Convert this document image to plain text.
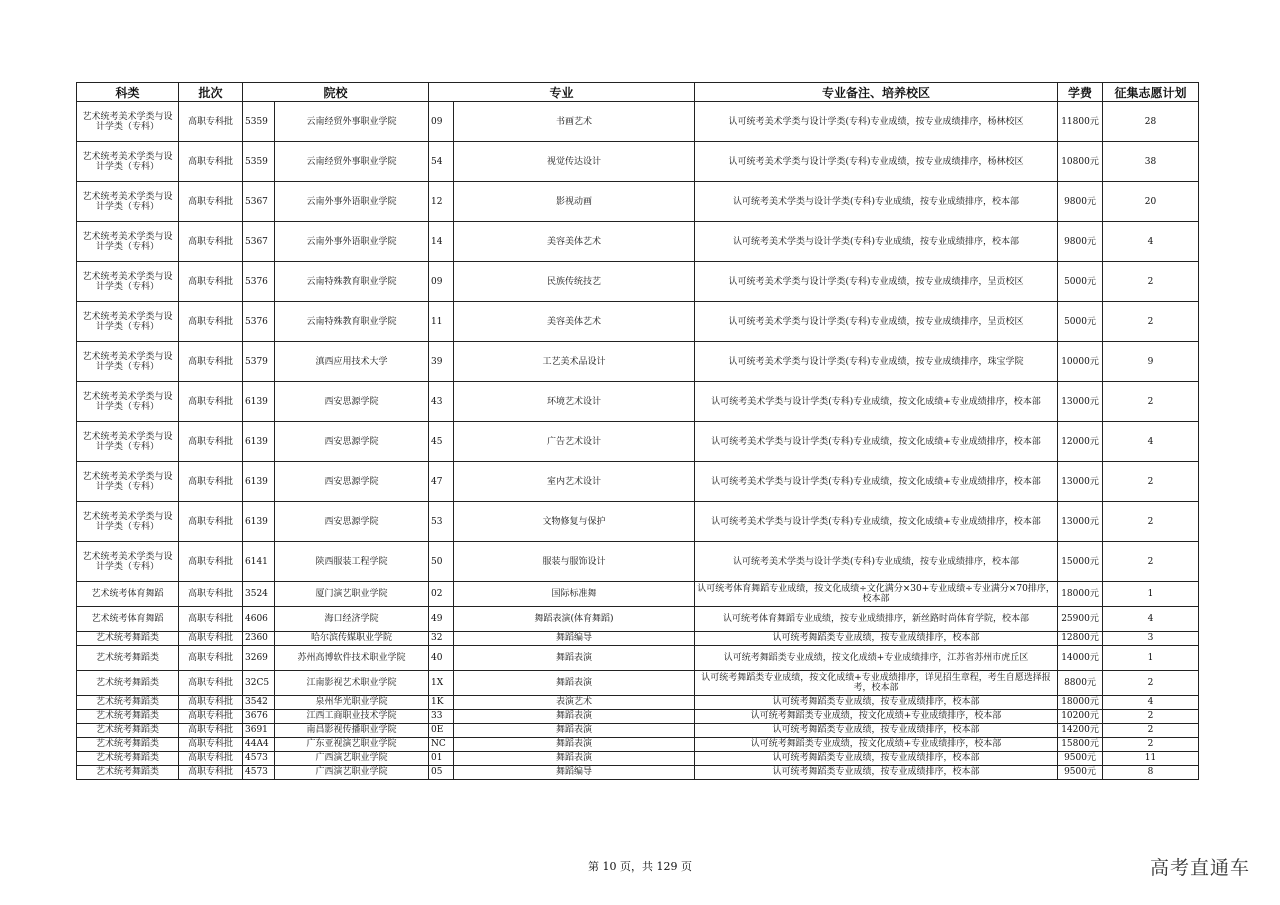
科类	批次	院校		专业		专业备注、培养校区	学费	征集志愿计划
艺术统考美术学类与设计学类（专科）	高职专科批	5359	云南经贸外事职业学院	09	书画艺术	认可统考美术学类与设计学类(专科)专业成绩，按专业成绩排序，杨林校区	11800元	28
艺术统考美术学类与设计学类（专科）	高职专科批	5359	云南经贸外事职业学院	54	视觉传达设计	认可统考美术学类与设计学类(专科)专业成绩，按专业成绩排序，杨林校区	10800元	38
艺术统考美术学类与设计学类（专科）	高职专科批	5367	云南外事外语职业学院	12	影视动画	认可统考美术学类与设计学类(专科)专业成绩，按专业成绩排序，校本部	9800元	20
艺术统考美术学类与设计学类（专科）	高职专科批	5367	云南外事外语职业学院	14	美容美体艺术	认可统考美术学类与设计学类(专科)专业成绩，按专业成绩排序，校本部	9800元	4
艺术统考美术学类与设计学类（专科）	高职专科批	5376	云南特殊教育职业学院	09	民族传统技艺	认可统考美术学类与设计学类(专科)专业成绩，按专业成绩排序，呈贡校区	5000元	2
艺术统考美术学类与设计学类（专科）	高职专科批	5376	云南特殊教育职业学院	11	美容美体艺术	认可统考美术学类与设计学类(专科)专业成绩，按专业成绩排序，呈贡校区	5000元	2
艺术统考美术学类与设计学类（专科）	高职专科批	5379	滇西应用技术大学	39	工艺美术品设计	认可统考美术学类与设计学类(专科)专业成绩，按专业成绩排序，珠宝学院	10000元	9
艺术统考美术学类与设计学类（专科）	高职专科批	6139	西安思源学院	43	环境艺术设计	认可统考美术学类与设计学类(专科)专业成绩，按文化成绩+专业成绩排序，校本部	13000元	2
艺术统考美术学类与设计学类（专科）	高职专科批	6139	西安思源学院	45	广告艺术设计	认可统考美术学类与设计学类(专科)专业成绩，按文化成绩+专业成绩排序，校本部	12000元	4
艺术统考美术学类与设计学类（专科）	高职专科批	6139	西安思源学院	47	室内艺术设计	认可统考美术学类与设计学类(专科)专业成绩，按文化成绩+专业成绩排序，校本部	13000元	2
艺术统考美术学类与设计学类（专科）	高职专科批	6139	西安思源学院	53	文物修复与保护	认可统考美术学类与设计学类(专科)专业成绩，按文化成绩+专业成绩排序，校本部	13000元	2
艺术统考美术学类与设计学类（专科）	高职专科批	6141	陕西服装工程学院	50	服装与服饰设计	认可统考美术学类与设计学类(专科)专业成绩，按专业成绩排序，校本部	15000元	2
艺术统考体育舞蹈	高职专科批	3524	厦门演艺职业学院	02	国际标准舞	认可统考体育舞蹈专业成绩，按文化成绩÷文化满分×30+专业成绩÷专业满分×70排序，校本部	18000元	1
艺术统考体育舞蹈	高职专科批	4606	海口经济学院	49	舞蹈表演(体育舞蹈)	认可统考体育舞蹈专业成绩，按专业成绩排序，新丝路时尚体育学院，校本部	25900元	4
艺术统考舞蹈类	高职专科批	2360	哈尔滨传媒职业学院	32	舞蹈编导	认可统考舞蹈类专业成绩，按专业成绩排序，校本部	12800元	3
艺术统考舞蹈类	高职专科批	3269	苏州高博软件技术职业学院	40	舞蹈表演	认可统考舞蹈类专业成绩，按文化成绩+专业成绩排序，江苏省苏州市虎丘区	14000元	1
艺术统考舞蹈类	高职专科批	32C5	江南影视艺术职业学院	1X	舞蹈表演	认可统考舞蹈类专业成绩，按文化成绩+专业成绩排序，详见招生章程，考生自愿选择报考，校本部	8800元	2
艺术统考舞蹈类	高职专科批	3542	泉州华光职业学院	1K	表演艺术	认可统考舞蹈类专业成绩，按专业成绩排序，校本部	18000元	4
艺术统考舞蹈类	高职专科批	3676	江西工商职业技术学院	33	舞蹈表演	认可统考舞蹈类专业成绩，按文化成绩+专业成绩排序，校本部	10200元	2
艺术统考舞蹈类	高职专科批	3691	南昌影视传播职业学院	0E	舞蹈表演	认可统考舞蹈类专业成绩，按专业成绩排序，校本部	14200元	2
艺术统考舞蹈类	高职专科批	44A4	广东亚视演艺职业学院	NC	舞蹈表演	认可统考舞蹈类专业成绩，按文化成绩+专业成绩排序，校本部	15800元	2
艺术统考舞蹈类	高职专科批	4573	广西演艺职业学院	01	舞蹈表演	认可统考舞蹈类专业成绩，按专业成绩排序，校本部	9500元	11
艺术统考舞蹈类	高职专科批	4573	广西演艺职业学院	05	舞蹈编导	认可统考舞蹈类专业成绩，按专业成绩排序，校本部	9500元	8
第 10 页，共 129 页	高考直通车
